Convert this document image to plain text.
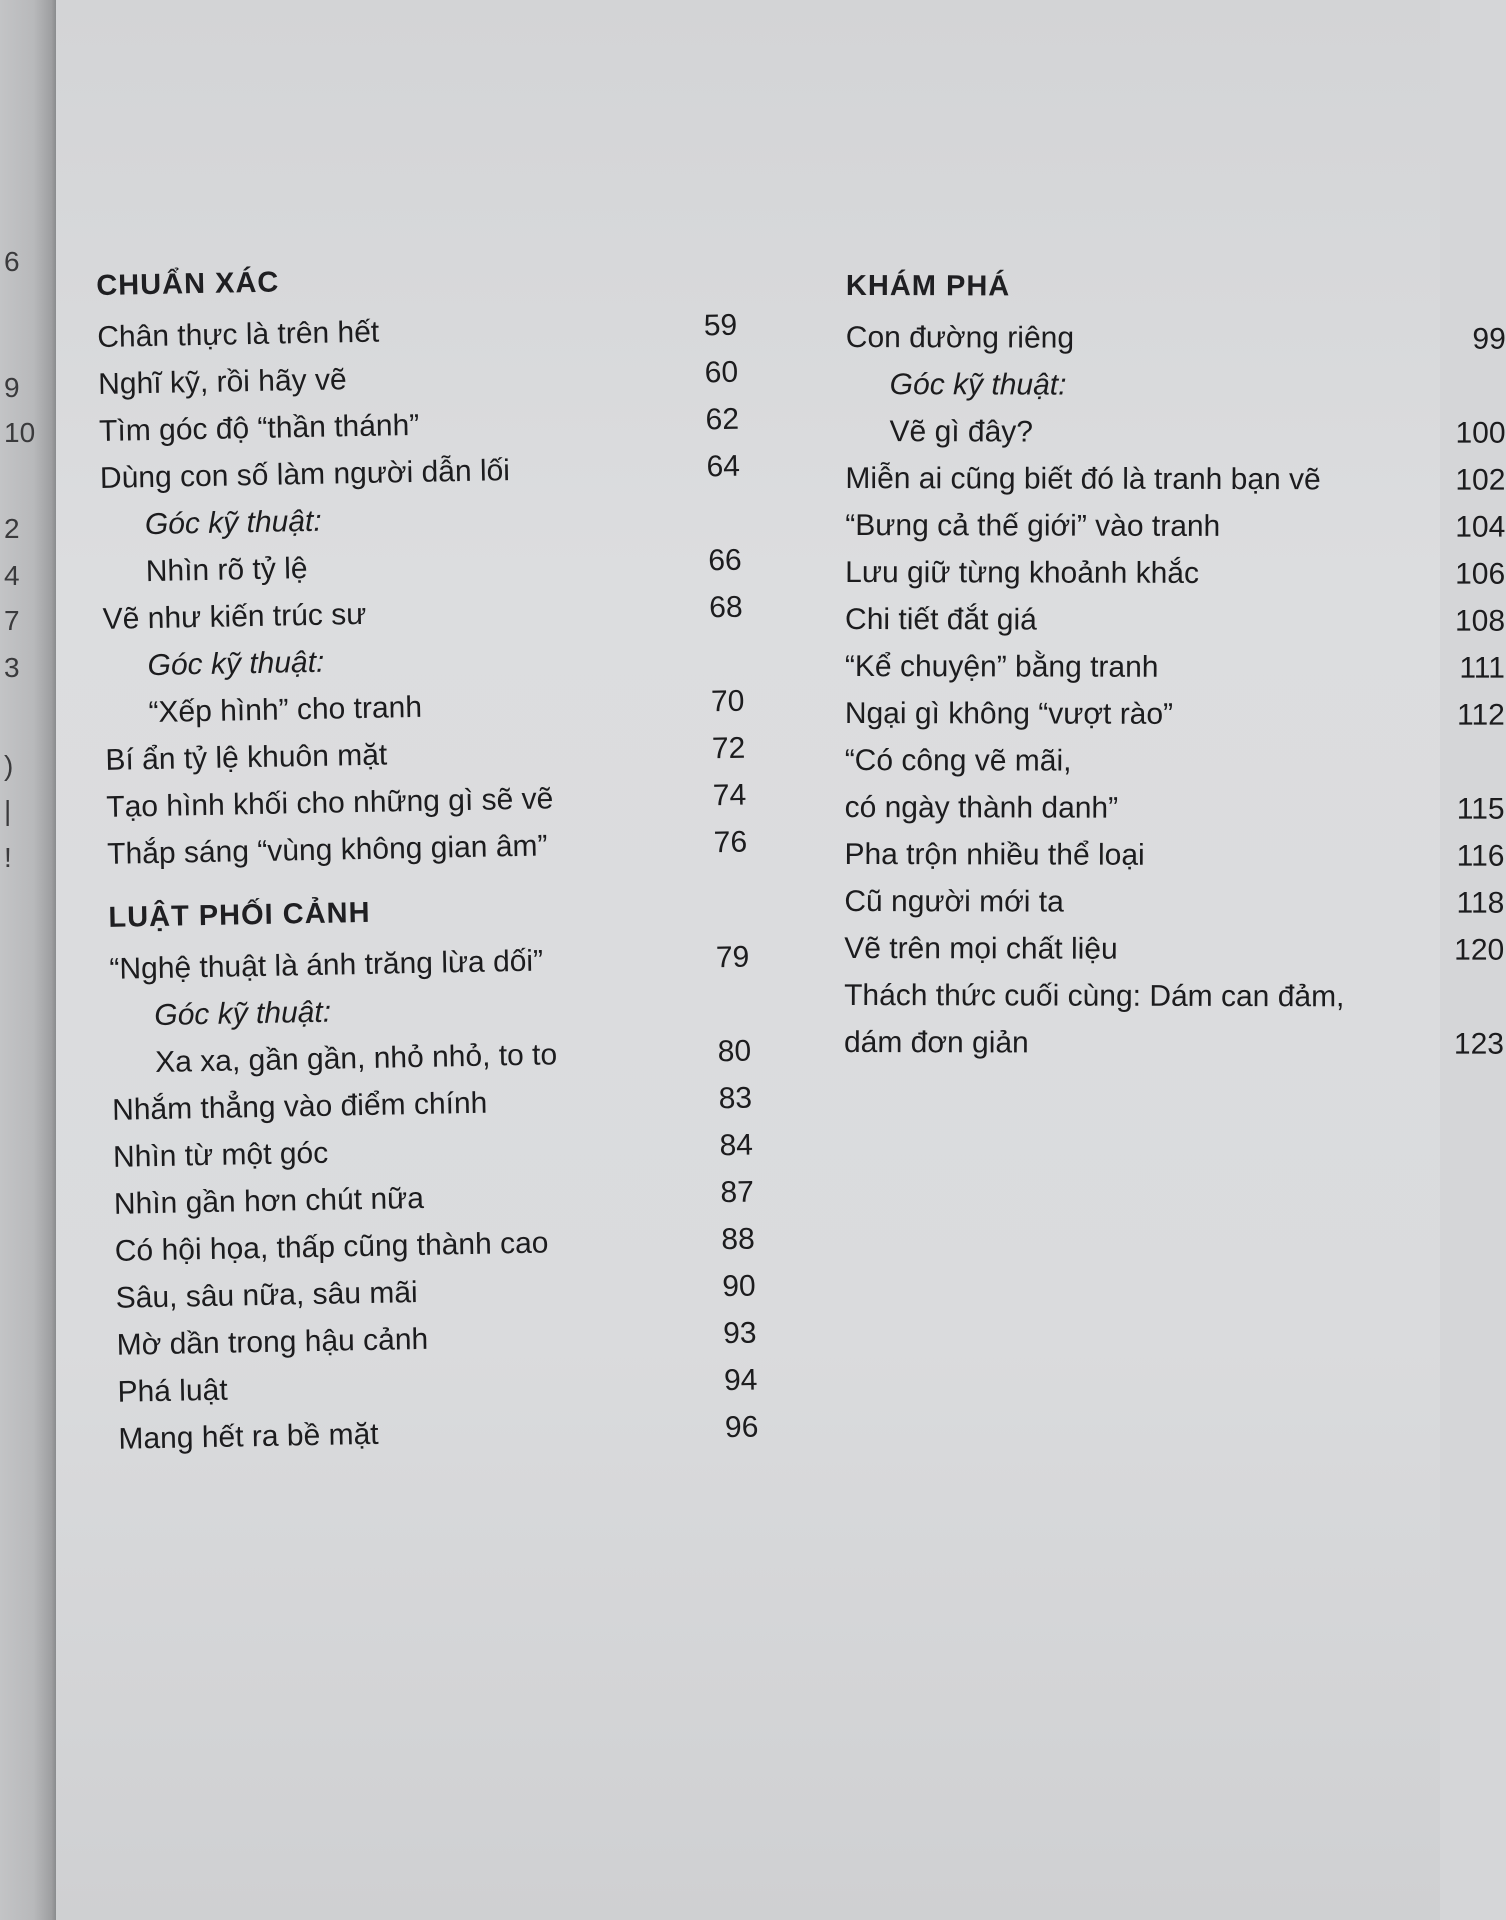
6
9
10
2
4
7
3
)
|
!
CHUẨN XÁC
Chân thực là trên hết	59
Nghĩ kỹ, rồi hãy vẽ	60
Tìm góc độ “thần thánh”	62
Dùng con số làm người dẫn lối	64
Góc kỹ thuật:
Nhìn rõ tỷ lệ	66
Vẽ như kiến trúc sư	68
Góc kỹ thuật:
“Xếp hình” cho tranh	70
Bí ẩn tỷ lệ khuôn mặt	72
Tạo hình khối cho những gì sẽ vẽ	74
Thắp sáng “vùng không gian âm”	76
LUẬT PHỐI CẢNH
“Nghệ thuật là ánh trăng lừa dối”	79
Góc kỹ thuật:
Xa xa, gần gần, nhỏ nhỏ, to to	80
Nhắm thẳng vào điểm chính	83
Nhìn từ một góc	84
Nhìn gần hơn chút nữa	87
Có hội họa, thấp cũng thành cao	88
Sâu, sâu nữa, sâu mãi	90
Mờ dần trong hậu cảnh	93
Phá luật	94
Mang hết ra bề mặt	96
KHÁM PHÁ
Con đường riêng	99
Góc kỹ thuật:
Vẽ gì đây?	100
Miễn ai cũng biết đó là tranh bạn vẽ	102
“Bưng cả thế giới” vào tranh	104
Lưu giữ từng khoảnh khắc	106
Chi tiết đắt giá	108
“Kể chuyện” bằng tranh	111
Ngại gì không “vượt rào”	112
“Có công vẽ mãi,
có ngày thành danh”	115
Pha trộn nhiều thể loại	116
Cũ người mới ta	118
Vẽ trên mọi chất liệu	120
Thách thức cuối cùng: Dám can đảm,
dám đơn giản	123
